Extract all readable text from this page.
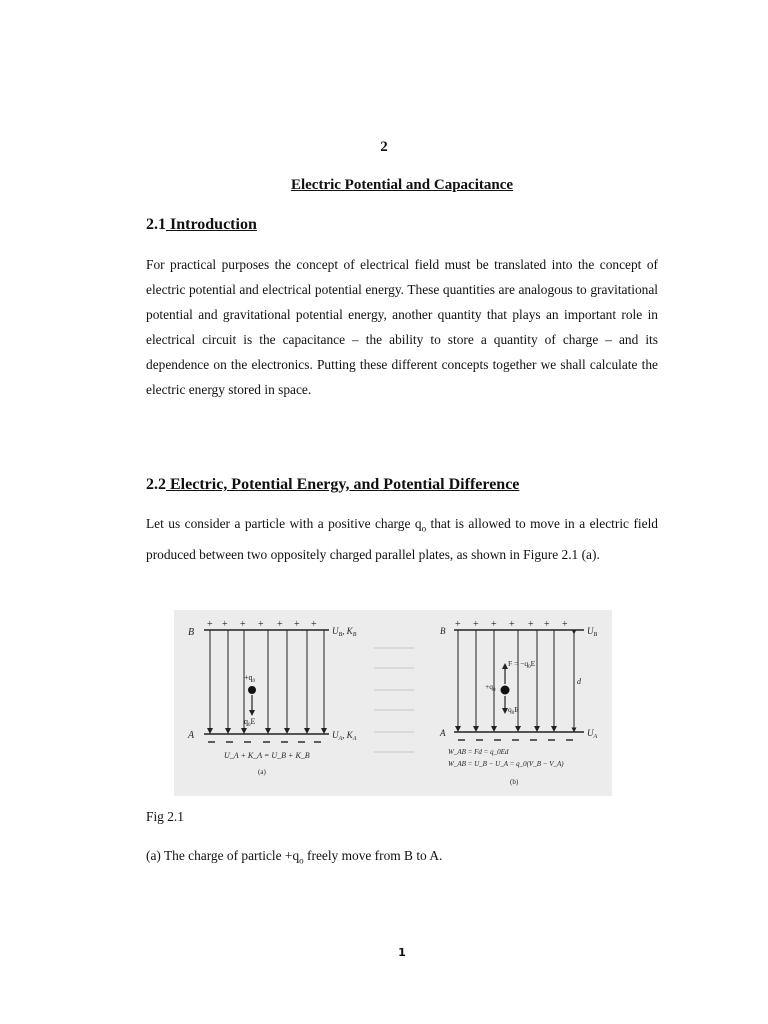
2
Electric Potential and Capacitance
2.1 Introduction

For practical purposes the concept of electrical field must be translated into the concept of electric potential and electrical potential energy. These quantities are analogous to gravitational potential and gravitational potential energy, another quantity that plays an important role in electrical circuit is the capacitance – the ability to store a quantity of charge – and its dependence on the electronics. Putting these different concepts together we shall calculate the electric energy stored in space.

2.2 Electric, Potential Energy, and Potential Difference

Let us consider a particle with a positive charge $q_o$ that is allowed to move in a electric field produced between two oppositely charged parallel plates, as shown in Figure 2.1 (a).

+ + + + + + +
B
A
$U_B$, $K_B$
$U_A$, $K_A$
$+q_0$
$q_0E$
U_A + K_A = U_B + K_B
(a)
+ + + + + + +
d
B
A
$U_B$
$U_A$
$F = -q_0E$
$+q_0$
$q_0E$
W_AB = Fd = q_0Ed
W_AB = U_B − U_A = q_0(V_B − V_A)
(b)
Fig 2.1
(a) The charge of particle $+q_o$ freely move from B to A.
1
